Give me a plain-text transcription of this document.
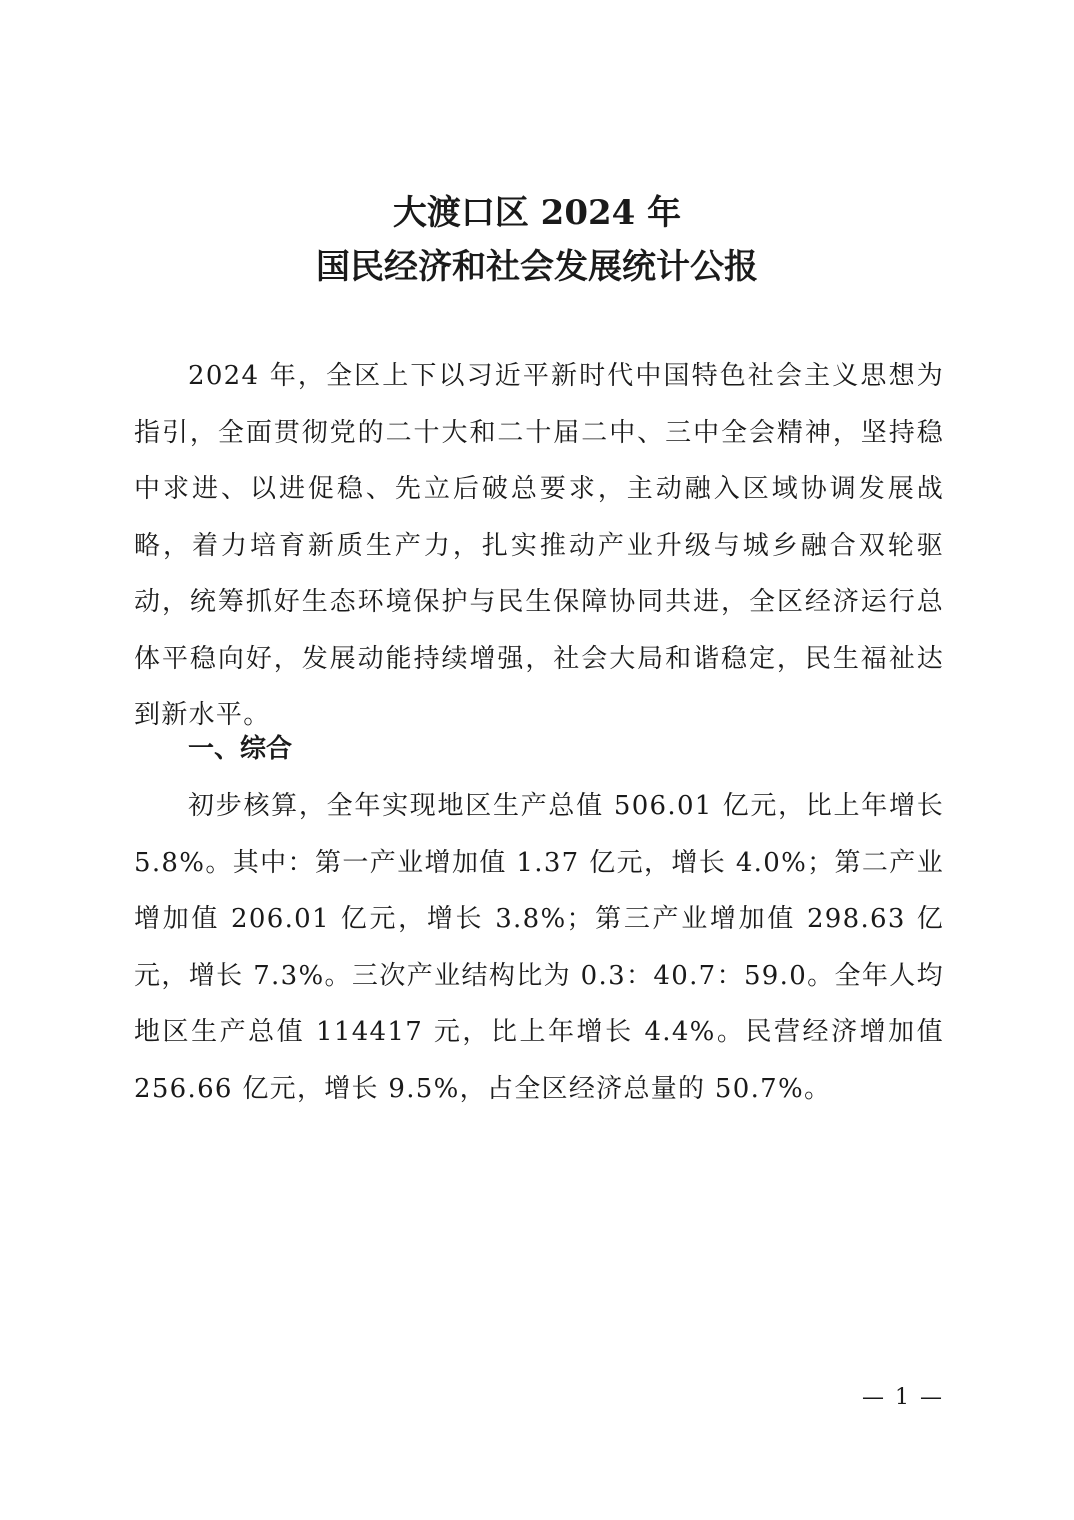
大渡口区 2024 年
国民经济和社会发展统计公报

2024 年，全区上下以习近平新时代中国特色社会主义思想为指引，全面贯彻党的二十大和二十届二中、三中全会精神，坚持稳中求进、以进促稳、先立后破总要求，主动融入区域协调发展战略，着力培育新质生产力，扎实推动产业升级与城乡融合双轮驱动，统筹抓好生态环境保护与民生保障协同共进，全区经济运行总体平稳向好，发展动能持续增强，社会大局和谐稳定，民生福祉达到新水平。

一、综合

初步核算，全年实现地区生产总值 506.01 亿元，比上年增长 5.8%。其中：第一产业增加值 1.37 亿元，增长 4.0%；第二产业增加值 206.01 亿元，增长 3.8%；第三产业增加值 298.63 亿元，增长 7.3%。三次产业结构比为 0.3：40.7：59.0。全年人均地区生产总值 114417 元，比上年增长 4.4%。民营经济增加值 256.66 亿元，增长 9.5%，占全区经济总量的 50.7%。

— 1 —
